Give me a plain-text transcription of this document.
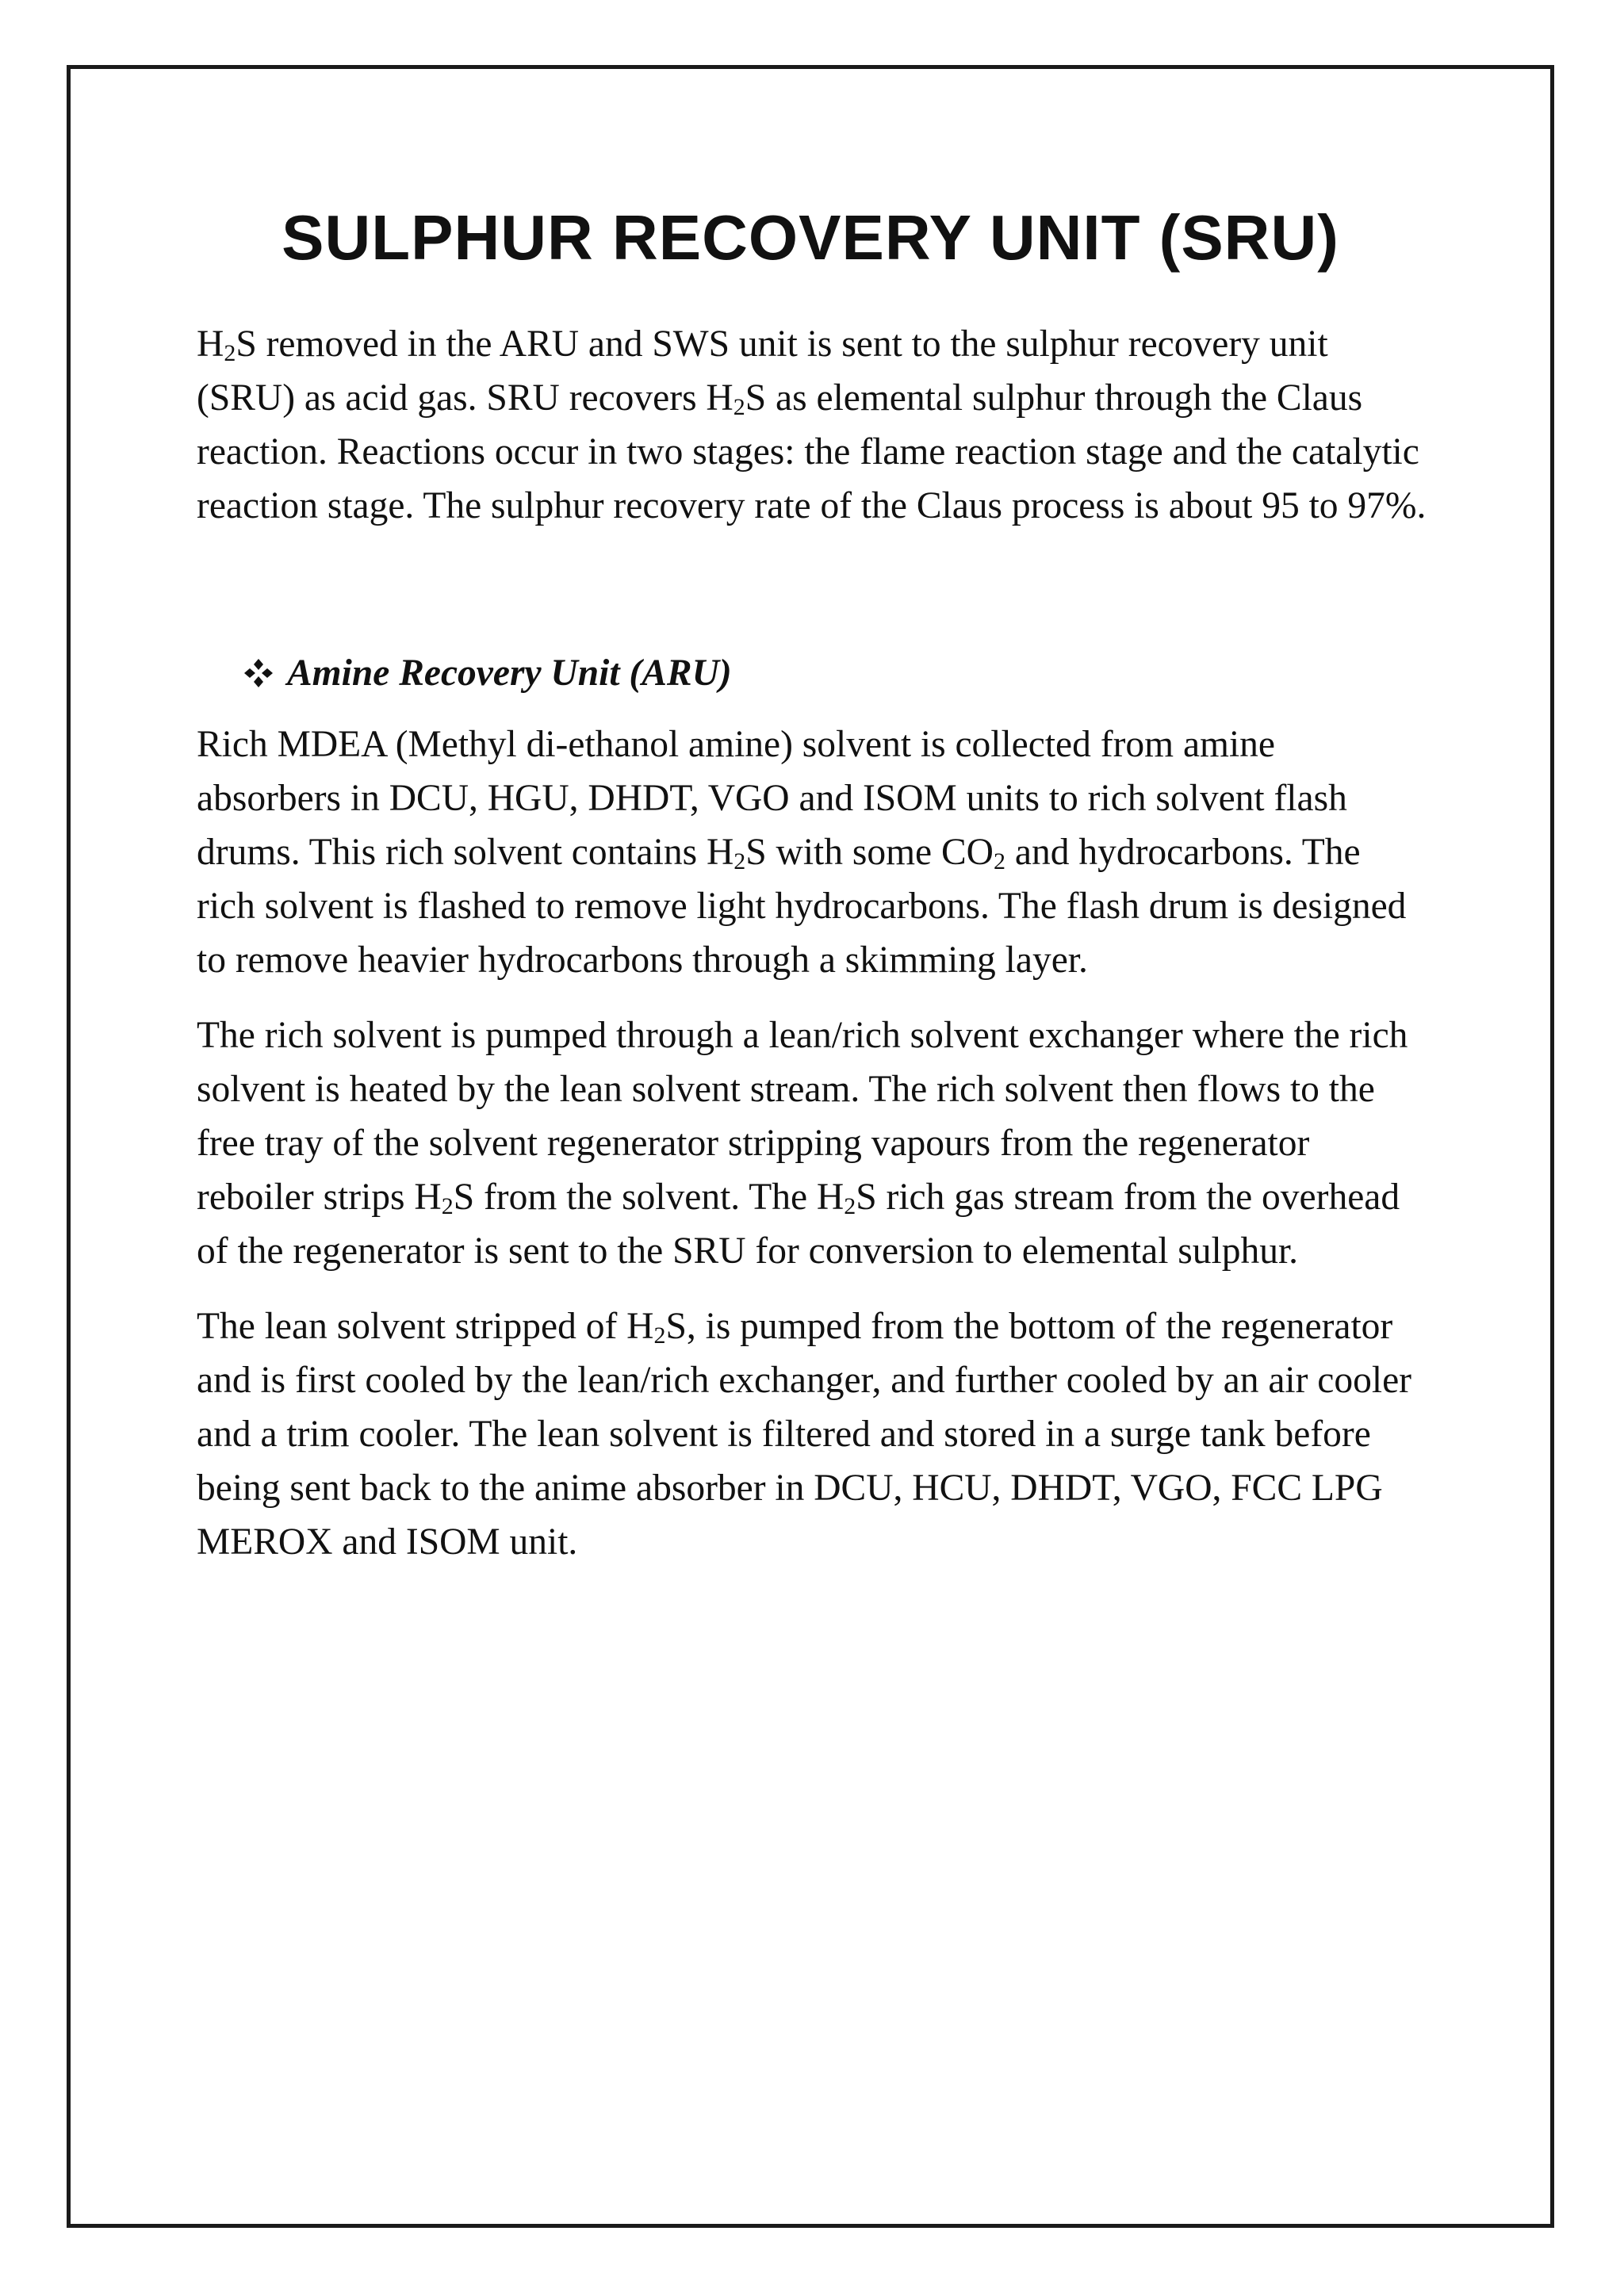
SULPHUR RECOVERY UNIT (SRU)

$H_2S$ removed in the ARU and SWS unit is sent to the sulphur recovery unit (SRU) as acid gas. SRU recovers $H_2S$ as elemental sulphur through the Claus reaction. Reactions occur in two stages: the flame reaction stage and the catalytic reaction stage. The sulphur recovery rate of the Claus process is about 95 to 97%.

Amine Recovery Unit (ARU)

Rich MDEA (Methyl di-ethanol amine) solvent is collected from amine absorbers in DCU, HGU, DHDT, VGO and ISOM units to rich solvent flash drums. This rich solvent contains $H_2S$ with some $CO_2$ and hydrocarbons. The rich solvent is flashed to remove light hydrocarbons. The flash drum is designed to remove heavier hydrocarbons through a skimming layer.

The rich solvent is pumped through a lean/rich solvent exchanger where the rich solvent is heated by the lean solvent stream. The rich solvent then flows to the free tray of the solvent regenerator stripping vapours from the regenerator reboiler strips $H_2S$ from the solvent. The $H_2S$ rich gas stream from the overhead of the regenerator is sent to the SRU for conversion to elemental sulphur.

The lean solvent stripped of $H_2S$, is pumped from the bottom of the regenerator and is first cooled by the lean/rich exchanger, and further cooled by an air cooler and a trim cooler. The lean solvent is filtered and stored in a surge tank before being sent back to the anime absorber in DCU, HCU, DHDT, VGO, FCC LPG MEROX and ISOM unit.
